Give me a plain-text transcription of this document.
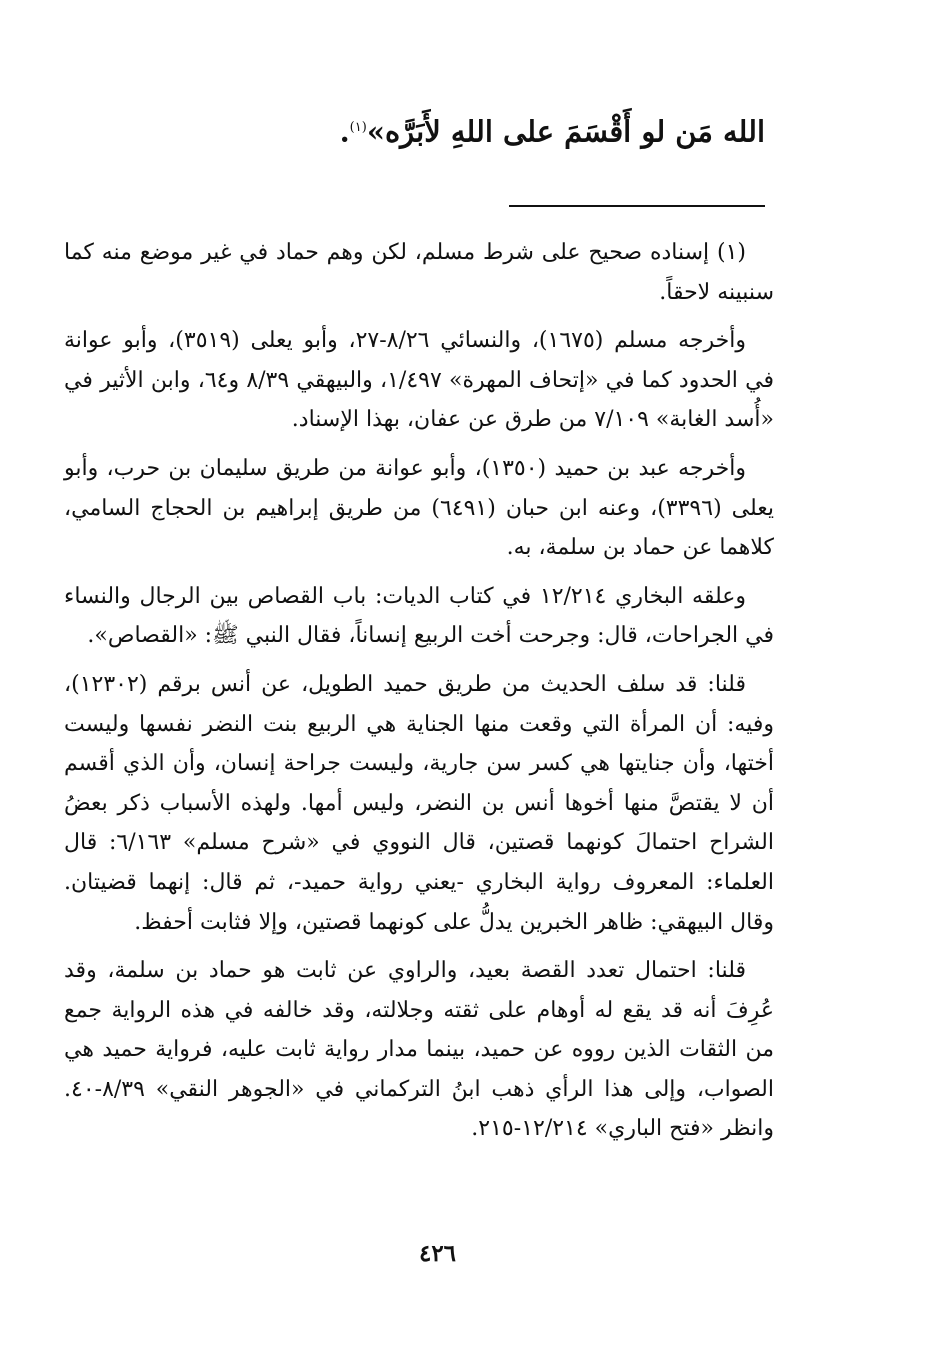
الله مَن لو أَقْسَمَ على اللهِ لأَبَرَّه»$^{(١)}$.

(١) إسناده صحيح على شرط مسلم، لكن وهم حماد في غير موضع منه كما سنبينه لاحقاً.

وأخرجه مسلم (١٦٧٥)، والنسائي ٨/٢٦-٢٧، وأبو يعلى (٣٥١٩)، وأبو عوانة في الحدود كما في «إتحاف المهرة» ١/٤٩٧، والبيهقي ٨/٣٩ و٦٤، وابن الأثير في «أُسد الغابة» ٧/١٠٩ من طرق عن عفان، بهذا الإسناد.

وأخرجه عبد بن حميد (١٣٥٠)، وأبو عوانة من طريق سليمان بن حرب، وأبو يعلى (٣٣٩٦)، وعنه ابن حبان (٦٤٩١) من طريق إبراهيم بن الحجاج السامي، كلاهما عن حماد بن سلمة، به.

وعلقه البخاري ١٢/٢١٤ في كتاب الديات: باب القصاص بين الرجال والنساء في الجراحات، قال: وجرحت أخت الربيع إنساناً، فقال النبي ﷺ: «القصاص».

قلنا: قد سلف الحديث من طريق حميد الطويل، عن أنس برقم (١٢٣٠٢)، وفيه: أن المرأة التي وقعت منها الجناية هي الربيع بنت النضر نفسها وليست أختها، وأن جنايتها هي كسر سن جارية، وليست جراحة إنسان، وأن الذي أقسم أن لا يقتصَّ منها أخوها أنس بن النضر، وليس أمها. ولهذه الأسباب ذكر بعضُ الشراح احتمالَ كونهما قصتين، قال النووي في «شرح مسلم» ٦/١٦٣: قال العلماء: المعروف رواية البخاري -يعني رواية حميد-، ثم قال: إنهما قضيتان. وقال البيهقي: ظاهر الخبرين يدلُّ على كونهما قصتين، وإلا فثابت أحفظ.

قلنا: احتمال تعدد القصة بعيد، والراوي عن ثابت هو حماد بن سلمة، وقد عُرِفَ أنه قد يقع له أوهام على ثقته وجلالته، وقد خالفه في هذه الرواية جمع من الثقات الذين رووه عن حميد، بينما مدار رواية ثابت عليه، فرواية حميد هي الصواب، وإلى هذا الرأي ذهب ابنُ التركماني في «الجوهر النقي» ٨/٣٩-٤٠. وانظر «فتح الباري» ١٢/٢١٤-٢١٥.

٤٢٦
